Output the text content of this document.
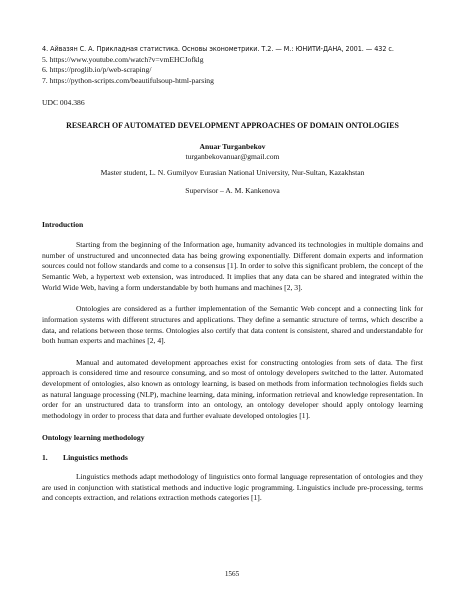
4. Айвазян С. А. Прикладная статистика. Основы эконометрики. Т.2. — М.: ЮНИТИ-ДАНА, 2001. — 432 с.
5. https://www.youtube.com/watch?v=vmEHCJofklg
6. https://proglib.io/p/web-scraping/
7. https://python-scripts.com/beautifulsoup-html-parsing
UDC 004.386
RESEARCH OF AUTOMATED DEVELOPMENT APPROACHES OF DOMAIN ONTOLOGIES
Anuar Turganbekov
turganbekovanuar@gmail.com
Master student, L. N. Gumilyov Eurasian National University, Nur-Sultan, Kazakhstan
Supervisor – A. M. Kankenova
Introduction

Starting from the beginning of the Information age, humanity advanced its technologies in multiple domains and number of unstructured and unconnected data has being growing exponentially. Different domain experts and information sources could not follow standards and come to a consensus [1]. In order to solve this significant problem, the concept of the Semantic Web, a hypertext web extension, was introduced. It implies that any data can be shared and integrated within the World Wide Web, having a form understandable by both humans and machines [2, 3].

Ontologies are considered as a further implementation of the Semantic Web concept and a connecting link for information systems with different structures and applications. They define a semantic structure of terms, which describe a data, and relations between those terms. Ontologies also certify that data content is consistent, shared and understandable for both human experts and machines [2, 4].

Manual and automated development approaches exist for constructing ontologies from sets of data. The first approach is considered time and resource consuming, and so most of ontology developers switched to the latter. Automated development of ontologies, also known as ontology learning, is based on methods from information technologies fields such as natural language processing (NLP), machine learning, data mining, information retrieval and knowledge representation. In order for an unstructured data to transform into an ontology, an ontology developer should apply ontology learning methodology in order to process that data and further evaluate developed ontologies [1].

Ontology learning methodology
1.	Linguistics methods

Linguistics methods adapt methodology of linguistics onto formal language representation of ontologies and they are used in conjunction with statistical methods and inductive logic programming. Linguistics include pre-processing, terms and concepts extraction, and relations extraction methods categories [1].

1565
